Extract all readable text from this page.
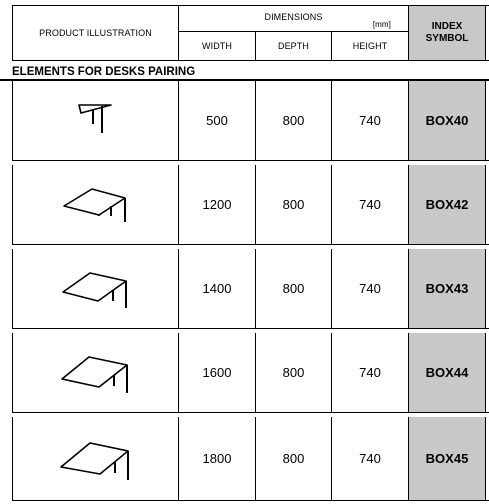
PRODUCT ILLUSTRATION
DIMENSIONS
[mm]
WIDTH	DEPTH	HEIGHT
INDEX
SYMBOL
ELEMENTS FOR DESKS PAIRING
500	800	740	BOX40
1200	800	740	BOX42
1400	800	740	BOX43
1600	800	740	BOX44
1800	800	740	BOX45
